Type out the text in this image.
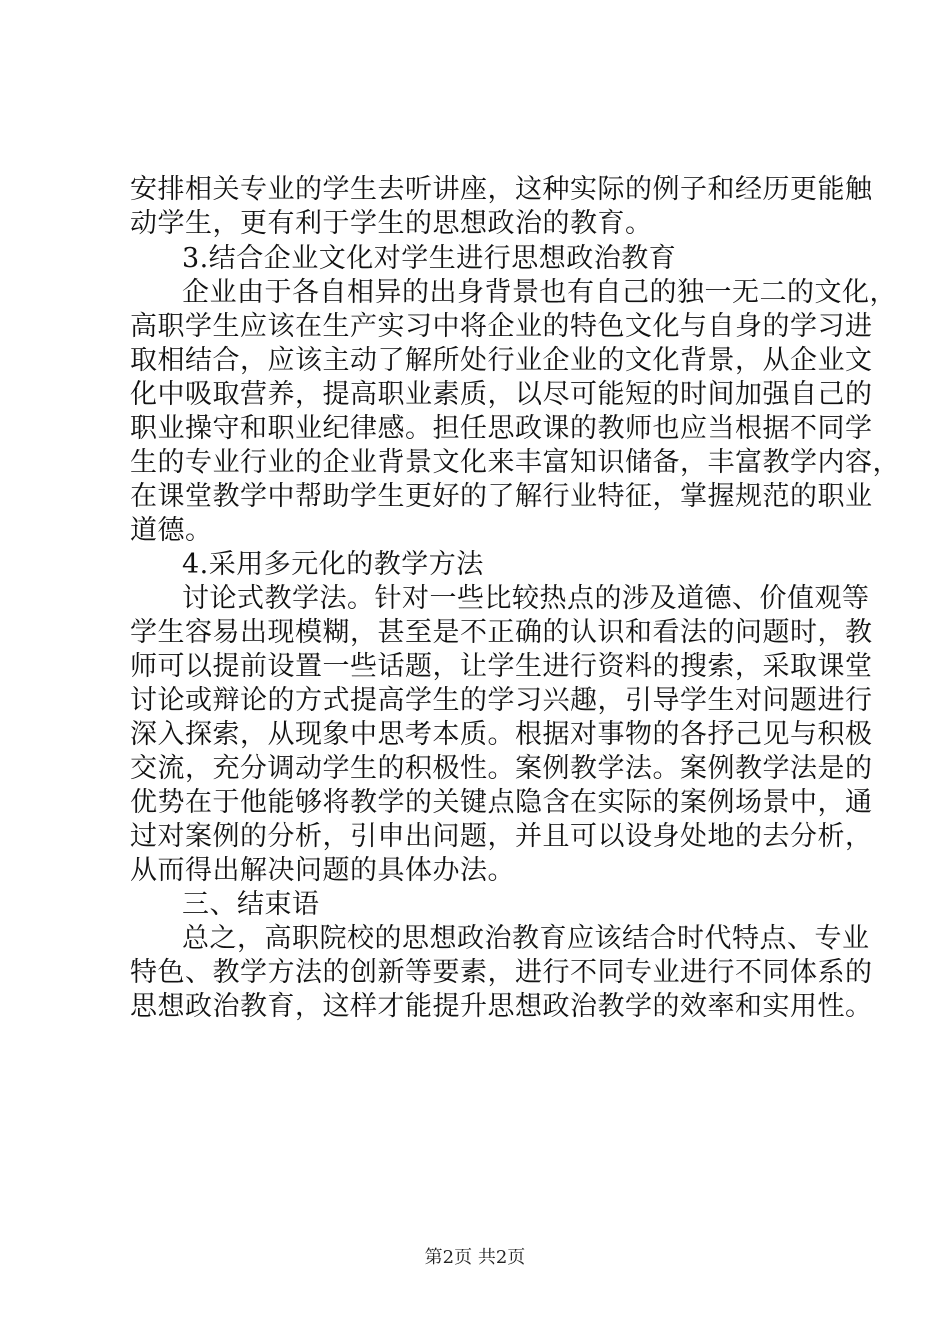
安排相关专业的学生去听讲座，这种实际的例子和经历更能触
动学生，更有利于学生的思想政治的教育。
3.结合企业文化对学生进行思想政治教育
企业由于各自相异的出身背景也有自己的独一无二的文化，
高职学生应该在生产实习中将企业的特色文化与自身的学习进
取相结合，应该主动了解所处行业企业的文化背景，从企业文
化中吸取营养，提高职业素质，以尽可能短的时间加强自己的
职业操守和职业纪律感。担任思政课的教师也应当根据不同学
生的专业行业的企业背景文化来丰富知识储备，丰富教学内容，
在课堂教学中帮助学生更好的了解行业特征，掌握规范的职业
道德。
4.采用多元化的教学方法
讨论式教学法。针对一些比较热点的涉及道德、价值观等
学生容易出现模糊，甚至是不正确的认识和看法的问题时，教
师可以提前设置一些话题，让学生进行资料的搜索，采取课堂
讨论或辩论的方式提高学生的学习兴趣，引导学生对问题进行
深入探索，从现象中思考本质。根据对事物的各抒己见与积极
交流，充分调动学生的积极性。案例教学法。案例教学法是的
优势在于他能够将教学的关键点隐含在实际的案例场景中，通
过对案例的分析，引申出问题，并且可以设身处地的去分析，
从而得出解决问题的具体办法。
三、结束语
总之，高职院校的思想政治教育应该结合时代特点、专业
特色、教学方法的创新等要素，进行不同专业进行不同体系的
思想政治教育，这样才能提升思想政治教学的效率和实用性。
第2页 共2页
